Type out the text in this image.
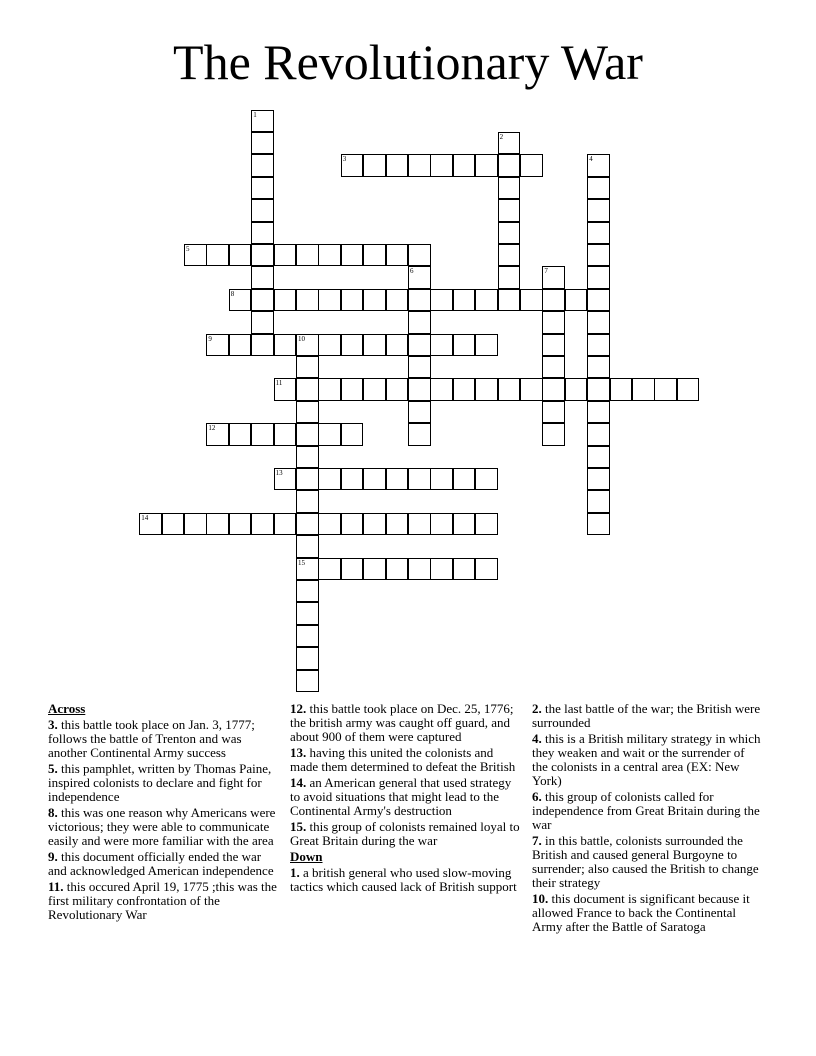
The Revolutionary War
3
5
8
9	10
11
12
13
14
15
1
2
4
6	7
Across
3. this battle took place on Jan. 3, 1777; follows the battle of Trenton and was another Continental Army success
5. this pamphlet, written by Thomas Paine, inspired colonists to declare and fight for independence
8. this was one reason why Americans were victorious; they were able to communicate easily and were more familiar with the area
9. this document officially ended the war and acknowledged American independence
11. this occured April 19, 1775 ;this was the first military confrontation of the Revolutionary War
12. this battle took place on Dec. 25, 1776; the british army was caught off guard, and about 900 of them were captured
13. having this united the colonists and made them determined to defeat the British
14. an American general that used strategy to avoid situations that might lead to the Continental Army's destruction
15. this group of colonists remained loyal to Great Britain during the war
Down
1. a british general who used slow-moving tactics which caused lack of British support
2. the last battle of the war; the British were surrounded
4. this is a British military strategy in which they weaken and wait or the surrender of the colonists in a central area (EX: New York)
6. this group of colonists called for independence from Great Britain during the war
7. in this battle, colonists surrounded the British and caused general Burgoyne to surrender; also caused the British to change their strategy
10. this document is significant because it allowed France to back the Continental Army after the Battle of Saratoga
